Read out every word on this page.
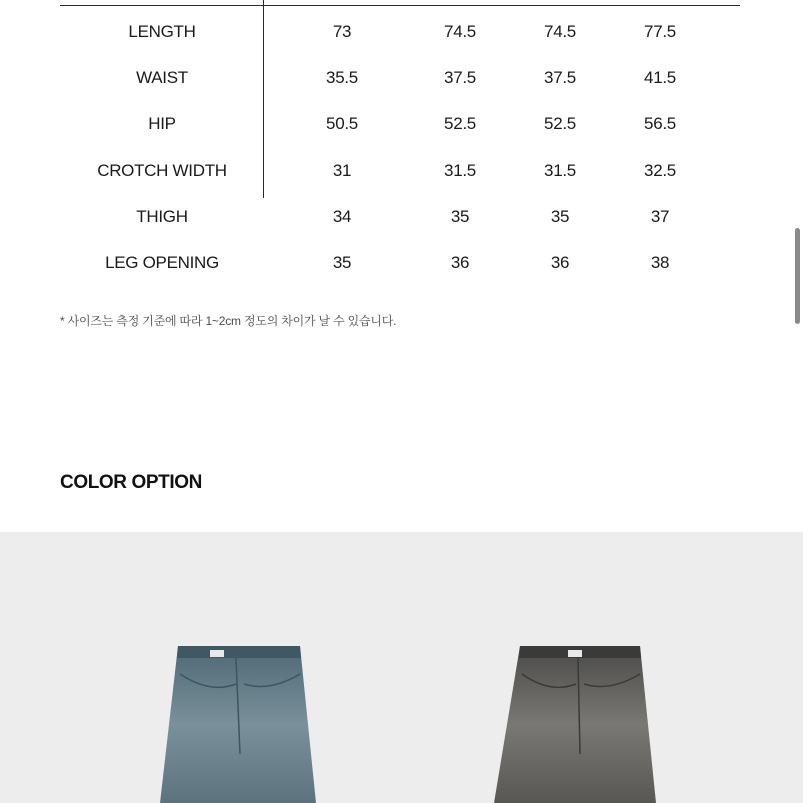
LENGTH	73	74.5	74.5	77.5
WAIST	35.5	37.5	37.5	41.5
HIP	50.5	52.5	52.5	56.5
CROTCH WIDTH	31	31.5	31.5	32.5
THIGH	34	35	35	37
LEG OPENING	35	36	36	38
* 사이즈는 측정 기준에 따라 1~2cm 정도의 차이가 날 수 있습니다.
COLOR OPTION
